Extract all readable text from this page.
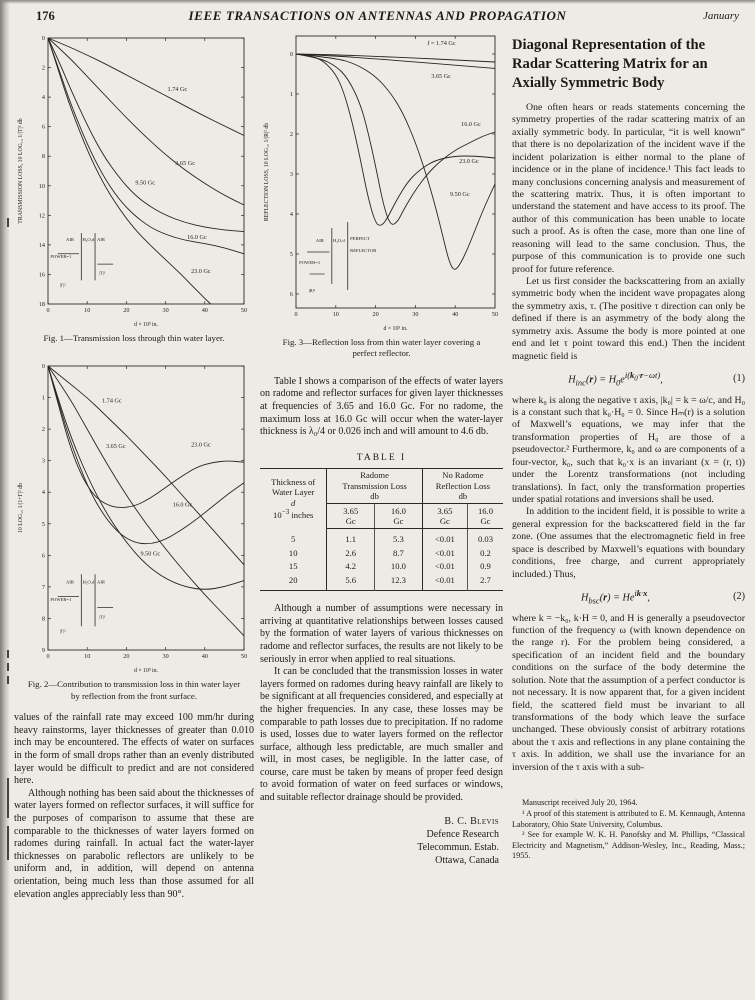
176	IEEE TRANSACTIONS ON ANTENNAS AND PROPAGATION	January
0	10	20	30	40	50
0
2
4
6
8
10
12
14
16
18
d × 10³ in.
TRANSMISSION LOSS, 10 LOG₁₀ 1/|T|² db
1.74 Gc
3.65 Gc
9.50 Gc
16.0 Gc
23.0 Gc
AIR H₂O,d AIR
POWER=1
|Γ|²
|T|²
Fig. 1—Transmission loss through thin water layer.
0	10	20	30	40	50
0
1
2
3
4
5
6
7
8
9
d × 10³ in.
10 LOG₁₀ 1/|1+Γ|² db
1.74 Gc
3.65 Gc	23.0 Gc
16.0 Gc
9.50 Gc
AIR H₂O,d AIR
POWER=1
|Γ|²
|T|²
Fig. 2—Contribution to transmission loss in thin water layer by reflection from the front surface.

values of the rainfall rate may exceed 100 mm/hr during heavy rainstorms, layer thicknesses of greater than 0.010 inch may be encountered. The effects of water on surfaces in the form of small drops rather than an evenly distributed layer would be difficult to predict and are not considered here.

Although nothing has been said about the thicknesses of water layers formed on reflector surfaces, it will suffice for the purposes of comparison to assume that these are comparable to the thicknesses of water layers formed on radomes during rainfall. In actual fact the water-layer thicknesses on parabolic reflectors are unlikely to be uniform and, in addition, will depend on antenna orientation, being much less than those assumed for all elevation angles appreciably less than 90°.

0	10	20	30	40	50
0
1
2
3
4
5
6
d × 10³ in.
REFLECTION LOSS, 10 LOG₁₀ 1/|R|² db
f = 1.74 Gc
3.65 Gc
23.0 Gc
16.0 Gc
9.50 Gc
AIR H₂O,d PERFECT
REFLECTOR
POWER=1
|R|²
Fig. 3—Reflection loss from thin water layer covering a perfect reflector.

Table I shows a comparison of the effects of water layers on radome and reflector surfaces for given layer thicknesses at frequencies of 3.65 and 16.0 Gc. For no radome, the maximum loss at 16.0 Gc will occur when the water-layer thickness is λ₀/4 or 0.026 inch and will amount to 4.6 db.

TABLE I
Thickness of
Water Layer
d
$10^{-3}$ inches	Radome
Transmission Loss
db		No Radome
Reflection Loss
db	
	3.65
Gc	16.0
Gc	3.65
Gc	16.0
Gc
5	1.1	5.3	<0.01	0.03
10	2.6	8.7	<0.01	0.2
15	4.2	10.0	<0.01	0.9
20	5.6	12.3	<0.01	2.7

Although a number of assumptions were necessary in arriving at quantitative relationships between losses caused by the formation of water layers of various thicknesses on radome and reflector surfaces, the results are not likely to be seriously in error when applied to real situations.

It can be concluded that the transmission losses in water layers formed on radomes during heavy rainfall are likely to be significant at all frequencies considered, and especially at the higher frequencies. In any case, these losses may be comparable to path losses due to precipitation. If no radome is used, losses due to water layers formed on the reflector surface, although less predictable, are much smaller and will, in most cases, be negligible. In the latter case, of course, care must be taken by means of proper feed design to avoid formation of water on feed surfaces or windows, and suitable reflector drainage should be provided.

B. C. Blevis
Defence Research
Telecommun. Estab.
Ottawa, Canada
Diagonal Representation of the Radar Scattering Matrix for an Axially Symmetric Body

One often hears or reads statements concerning the symmetry properties of the radar scattering matrix of an axially symmetric body. In particular, “it is well known” that there is no depolarization of the incident wave if the incident polarization is either normal to the plane of incidence or in the plane of incidence.¹ This fact leads to many conclusions concerning analysis and measurement of the scattering matrix. Thus, it is often important to understand the statement and have access to its proof. The author of this communication has been unable to locate such a proof. As is often the case, more than one line of reasoning will lead to the same conclusion. Thus, the purpose of this communication is to provide one such proof for future reference.

Let us first consider the backscattering from an axially symmetric body when the incident wave propagates along the symmetry axis, τ. (The positive τ direction can only be defined if there is an asymmetry of the body along the symmetry axis. Assume the body is more pointed at one end and let τ point toward this end.) Then the incident magnetic field is

$H_{inc}(r) = H_0e^{i(k_0\cdot r-\omega t)}$,	(1)

where k₀ is along the negative τ axis, |k₀| = k = ω/c, and H₀ is a constant such that k₀·H₀ = 0. Since Hₘ(r) is a solution of Maxwell’s equations, we may infer that the transformation properties of H₀ are those of a pseudovector.² Furthermore, k₀ and ω are components of a four-vector, k₀, such that k₀·x is an invariant (x = (r, t)) under the Lorentz transformations (not including translations). In fact, only the transformation properties under spatial rotations and inversions shall be used.

In addition to the incident field, it is possible to write a general expression for the backscattered field in the far zone. (One assumes that the electromagnetic field in free space is described by Maxwell’s equations with boundary conditions, free charge, and current appropriately included.) Thus,

$H_{bsc}(r) = He^{ik\cdot x}$,	(2)

where k = −k₀, k·H = 0, and H is generally a pseudovector function of the frequency ω (with known dependence on the range r). For the problem being considered, a specification of an incident field and the boundary conditions on the surface of the body determine the solution. Note that the assumption of a perfect conductor is not necessary. It is now apparent that, for a given incident field, the scattered field must be invariant to all transformations of the body which leave the surface unchanged. These obviously consist of arbitrary rotations about the τ axis and reflections in any plane containing the τ axis. In addition, we shall use the invariance for an inversion of the τ axis with a sub-

Manuscript received July 20, 1964.

¹ A proof of this statement is attributed to E. M. Kennaugh, Antenna Laboratory, Ohio State University, Columbus.

² See for example W. K. H. Panofsky and M. Phillips, “Classical Electricity and Magnetism,” Addison-Wesley, Inc., Reading, Mass.; 1955.
